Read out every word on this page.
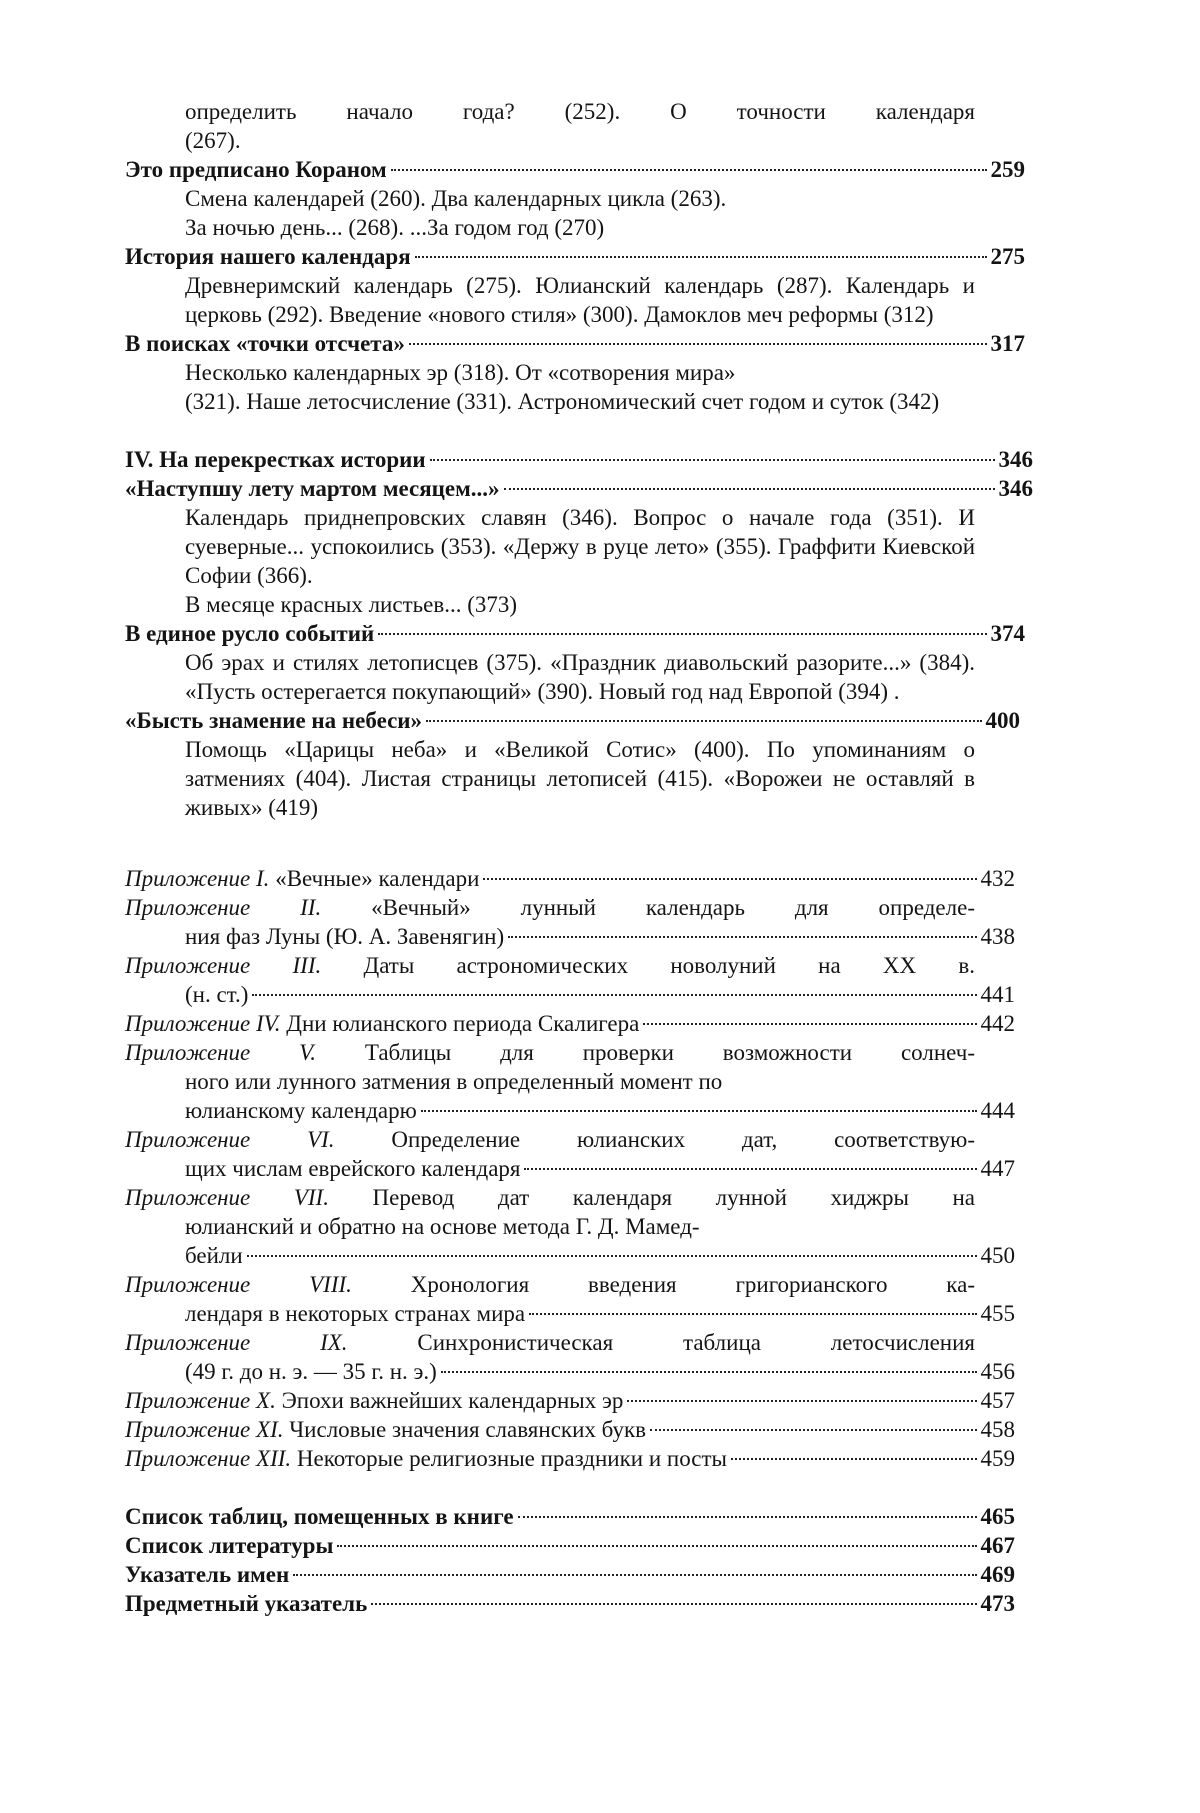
определить начало года? (252). О точности календаря
(267).
Это предписано Кораном	259
Смена календарей (260). Два календарных цикла (263).
За ночью день... (268). ...За годом год (270)
История нашего календаря	275
Древнеримский календарь (275). Юлианский календарь (287). Календарь и церковь (292). Введение «нового стиля» (300). Дамоклов меч реформы (312)
В поисках «точки отсчета»	317
Несколько календарных эр (318). От «сотворения мира»
(321). Наше летосчисление (331). Астрономический счет годом и суток (342)
IV. На перекрестках истории	346
«Наступшу лету мартом месяцем...»	346
Календарь приднепровских славян (346). Вопрос о начале года (351). И суеверные... успокоились (353). «Держу в руце лето» (355). Граффити Киевской Софии (366).
В месяце красных листьев... (373)
В единое русло событий	374
Об эрах и стилях летописцев (375). «Праздник диавольский разорите...» (384). «Пусть остерегается покупающий» (390). Новый год над Европой (394) .
«Бысть знамение на небеси»	400
Помощь «Царицы неба» и «Великой Сотис» (400). По упоминаниям о затмениях (404). Листая страницы летописей (415). «Ворожеи не оставляй в живых» (419)
Приложение I. «Вечные» календари	432
Приложение II. «Вечный» лунный календарь для определе-
ния фаз Луны (Ю. А. Завенягин)	438
Приложение III. Даты астрономических новолуний на XX в.
(н. ст.)	441
Приложение IV. Дни юлианского периода Скалигера	442
Приложение V. Таблицы для проверки возможности солнеч-
ного или лунного затмения в определенный момент по
юлианскому календарю	444
Приложение VI. Определение юлианских дат, соответствую-
щих числам еврейского календаря	447
Приложение VII. Перевод дат календаря лунной хиджры на
юлианский и обратно на основе метода Г. Д. Мамед-
бейли	450
Приложение VIII.	Хронология введения григорианского ка-
лендаря в некоторых странах мира	455
Приложение IX.	Синхронистическая таблица летосчисления
(49 г. до н. э. — 35 г. н. э.)	456
Приложение X. Эпохи важнейших календарных эр	457
Приложение XI. Числовые значения славянских букв	458
Приложение XII. Некоторые религиозные праздники и посты	459
Список таблиц, помещенных в книге	465
Список литературы	467
Указатель имен	469
Предметный указатель	473
